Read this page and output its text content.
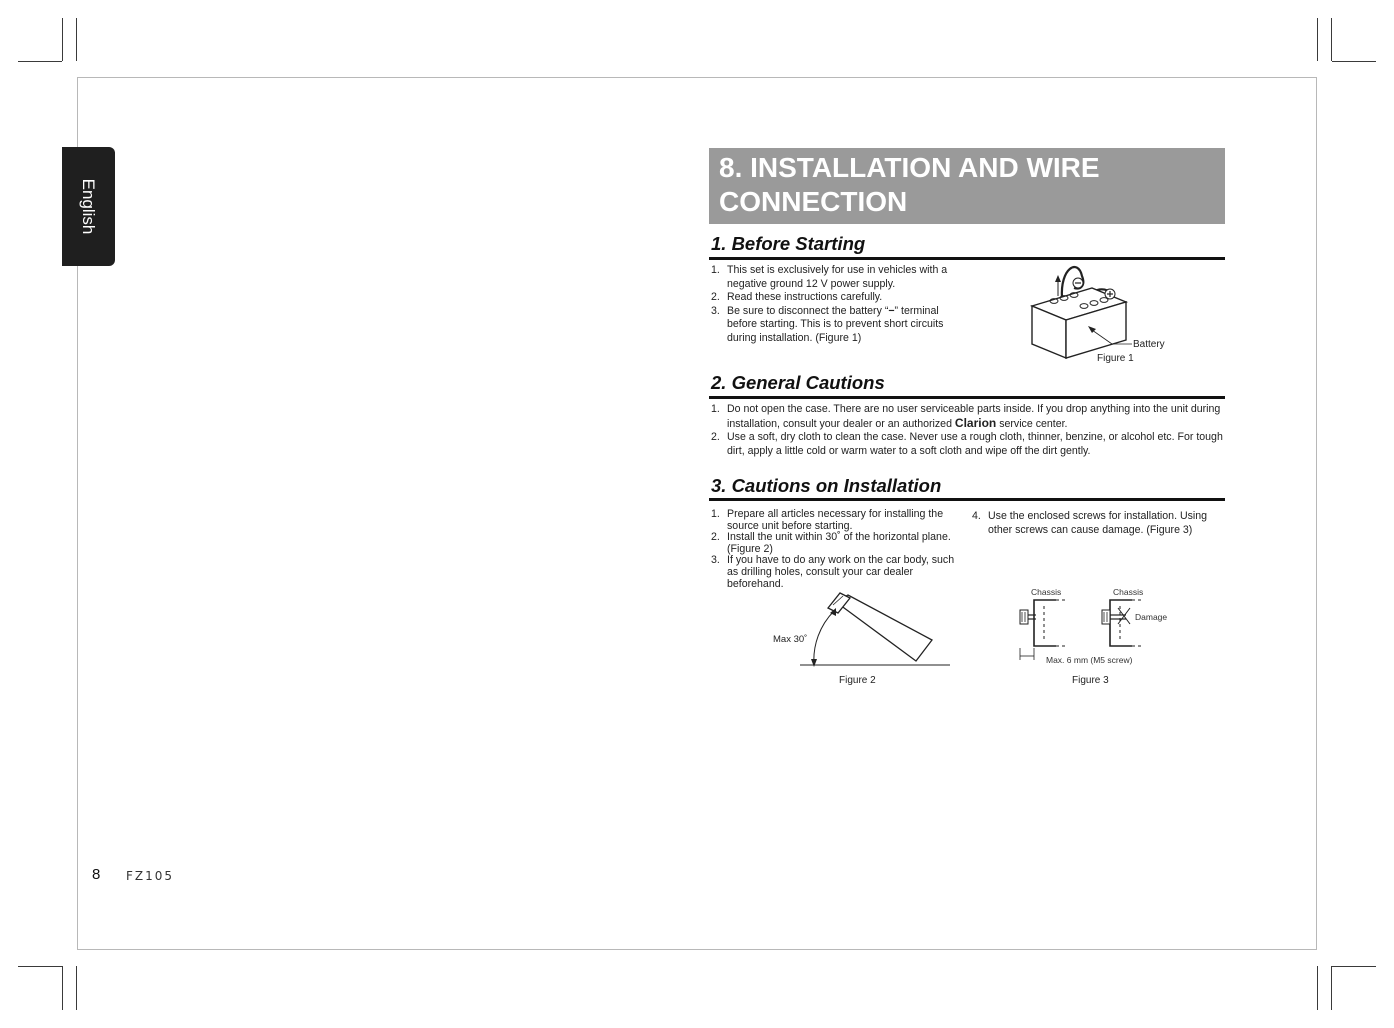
English
8. INSTALLATION AND WIRE
CONNECTION
1. Before Starting
1. This set is exclusively for use in vehicles with a negative ground 12 V power supply.
2. Read these instructions carefully.
3. Be sure to disconnect the battery “−” terminal before starting. This is to prevent short circuits during installation. (Figure 1)
Battery
Figure 1
2. General Cautions
1. Do not open the case. There are no user serviceable parts inside. If you drop anything into the unit during installation, consult your dealer or an authorized Clarion service center.
2. Use a soft, dry cloth to clean the case. Never use a rough cloth, thinner, benzine, or alcohol etc. For tough dirt, apply a little cold or warm water to a soft cloth and wipe off the dirt gently.
3. Cautions on Installation
1. Prepare all articles necessary for installing the source unit before starting.
2. Install the unit within 30˚ of the horizontal plane. (Figure 2)
3. If you have to do any work on the car body, such as drilling holes, consult your car dealer beforehand.
4. Use the enclosed screws for installation. Using other screws can cause damage. (Figure 3)
Max 30˚
Figure 2
Chassis	Chassis
Damage
Max. 6 mm (M5 screw)
Figure 3
8 FZ105
